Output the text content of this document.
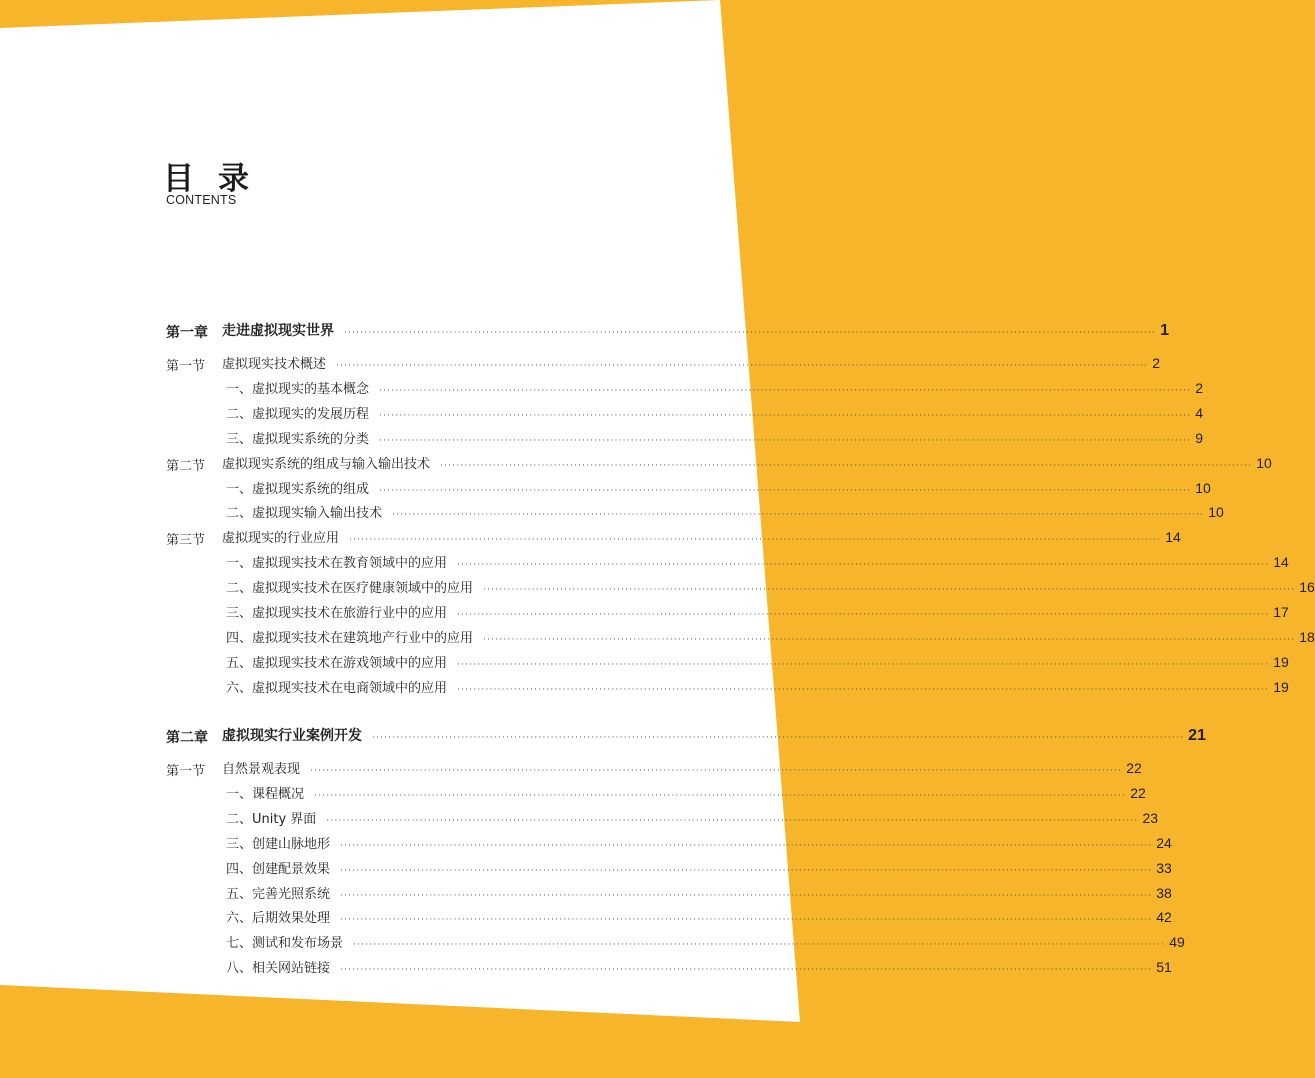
目录
CONTENTS
第一章 走进虚拟现实世界 ········································································································································································································ 1
第一节 虚拟现实技术概述 ········································································································································································································ 2
一、虚拟现实的基本概念 ········································································································································································································ 2
二、虚拟现实的发展历程 ········································································································································································································ 4
三、虚拟现实系统的分类 ········································································································································································································ 9
第二节 虚拟现实系统的组成与输入输出技术 ········································································································································································································ 10
一、虚拟现实系统的组成 ········································································································································································································ 10
二、虚拟现实输入输出技术 ········································································································································································································ 10
第三节 虚拟现实的行业应用 ········································································································································································································ 14
一、虚拟现实技术在教育领域中的应用 ········································································································································································································ 14
二、虚拟现实技术在医疗健康领域中的应用 ········································································································································································································ 16
三、虚拟现实技术在旅游行业中的应用 ········································································································································································································ 17
四、虚拟现实技术在建筑地产行业中的应用 ········································································································································································································ 18
五、虚拟现实技术在游戏领域中的应用 ········································································································································································································ 19
六、虚拟现实技术在电商领域中的应用 ········································································································································································································ 19
第二章 虚拟现实行业案例开发 ········································································································································································································ 21
第一节 自然景观表现 ········································································································································································································ 22
一、课程概况 ········································································································································································································ 22
二、Unity 界面 ········································································································································································································ 23
三、创建山脉地形 ········································································································································································································ 24
四、创建配景效果 ········································································································································································································ 33
五、完善光照系统 ········································································································································································································ 38
六、后期效果处理 ········································································································································································································ 42
七、测试和发布场景 ········································································································································································································ 49
八、相关网站链接 ········································································································································································································ 51
